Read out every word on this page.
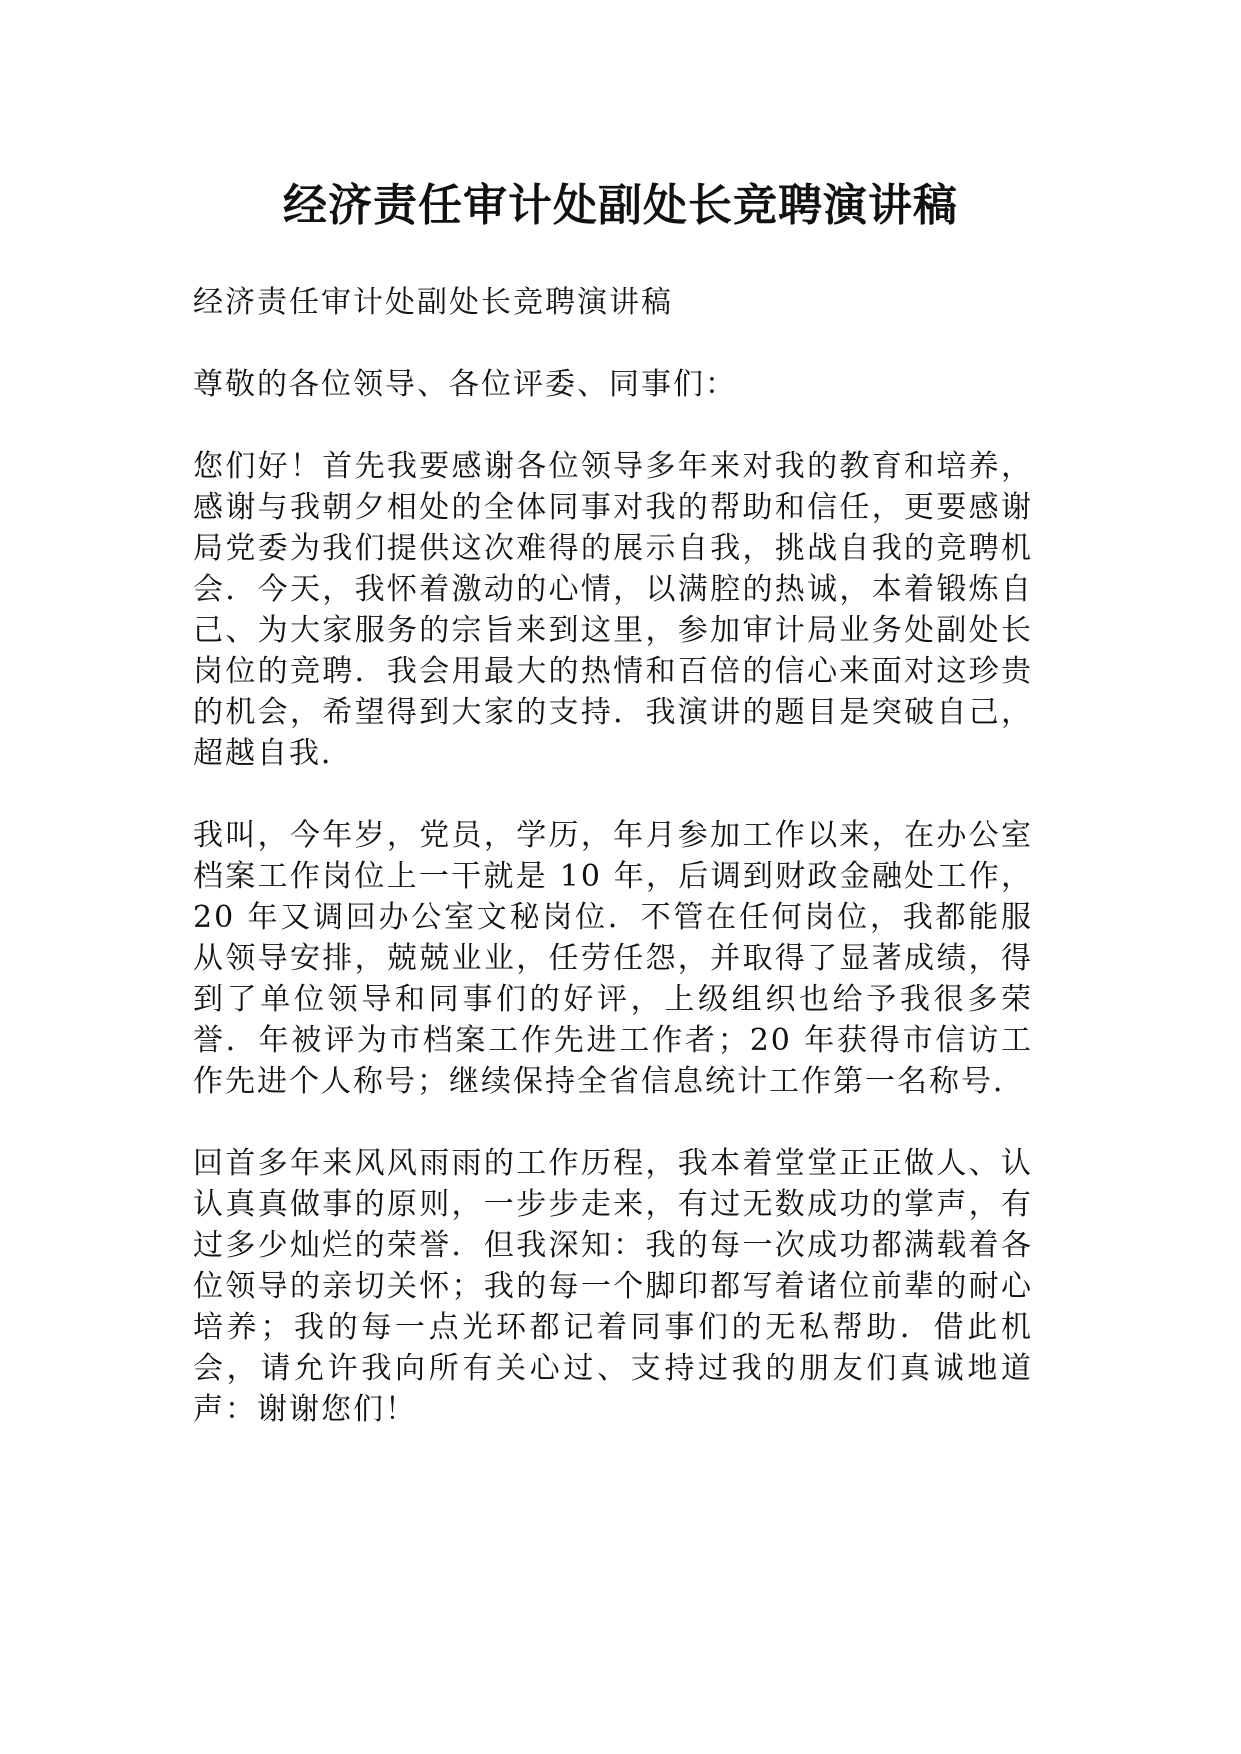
经济责任审计处副处长竞聘演讲稿

经济责任审计处副处长竞聘演讲稿

尊敬的各位领导、各位评委、同事们：

您们好！首先我要感谢各位领导多年来对我的教育和培养，感谢与我朝夕相处的全体同事对我的帮助和信任，更要感谢局党委为我们提供这次难得的展示自我，挑战自我的竞聘机会．今天，我怀着激动的心情，以满腔的热诚，本着锻炼自己、为大家服务的宗旨来到这里，参加审计局业务处副处长岗位的竞聘．我会用最大的热情和百倍的信心来面对这珍贵的机会，希望得到大家的支持．我演讲的题目是突破自己，超越自我．

我叫，今年岁，党员，学历，年月参加工作以来，在办公室档案工作岗位上一干就是 10 年，后调到财政金融处工作，20 年又调回办公室文秘岗位．不管在任何岗位，我都能服从领导安排，兢兢业业，任劳任怨，并取得了显著成绩，得到了单位领导和同事们的好评，上级组织也给予我很多荣誉．年被评为市档案工作先进工作者；20 年获得市信访工作先进个人称号；继续保持全省信息统计工作第一名称号．

回首多年来风风雨雨的工作历程，我本着堂堂正正做人、认认真真做事的原则，一步步走来，有过无数成功的掌声，有过多少灿烂的荣誉．但我深知：我的每一次成功都满载着各位领导的亲切关怀；我的每一个脚印都写着诸位前辈的耐心培养；我的每一点光环都记着同事们的无私帮助．借此机会，请允许我向所有关心过、支持过我的朋友们真诚地道声：谢谢您们！
